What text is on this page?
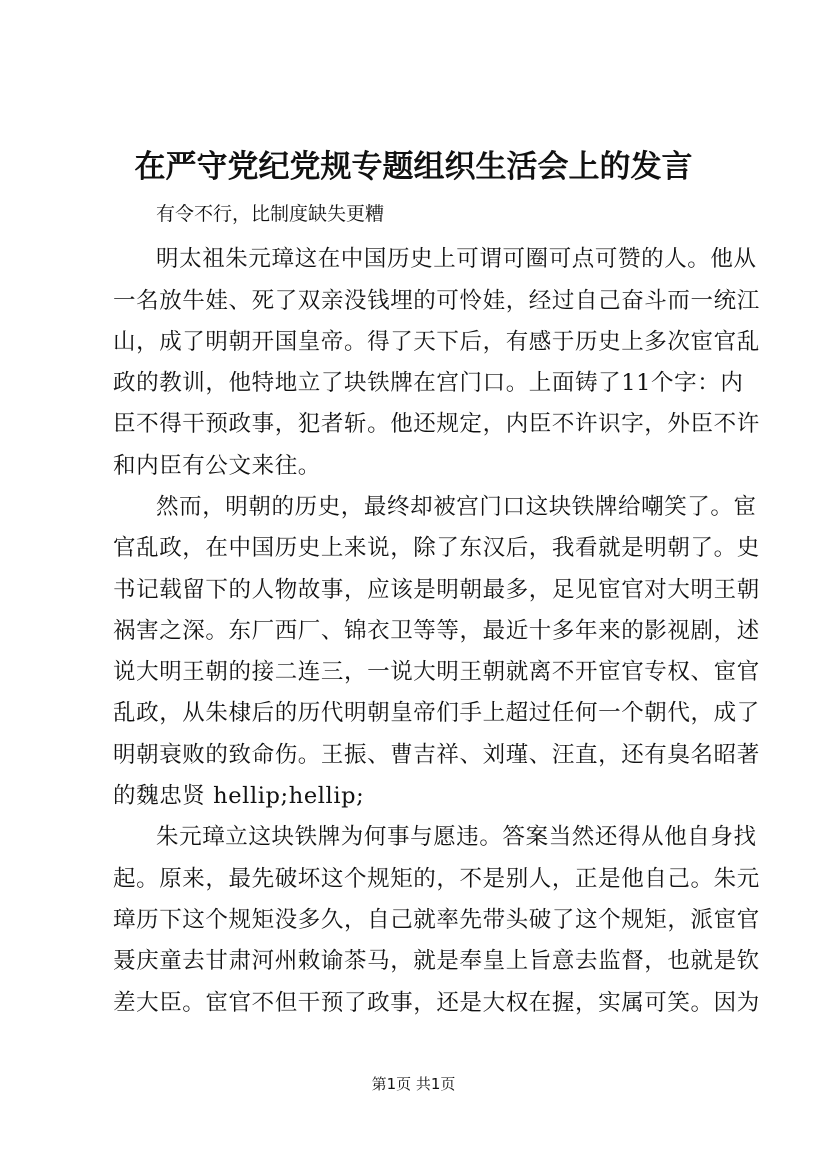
在严守党纪党规专题组织生活会上的发言
有令不行，比制度缺失更糟
明太祖朱元璋这在中国历史上可谓可圈可点可赞的人。他从
一名放牛娃、死了双亲没钱埋的可怜娃，经过自己奋斗而一统江
山，成了明朝开国皇帝。得了天下后，有感于历史上多次宦官乱
政的教训，他特地立了块铁牌在宫门口。上面铸了11个字：内
臣不得干预政事，犯者斩。他还规定，内臣不许识字，外臣不许
和内臣有公文来往。
然而，明朝的历史，最终却被宫门口这块铁牌给嘲笑了。宦
官乱政，在中国历史上来说，除了东汉后，我看就是明朝了。史
书记载留下的人物故事，应该是明朝最多，足见宦官对大明王朝
祸害之深。东厂西厂、锦衣卫等等，最近十多年来的影视剧，述
说大明王朝的接二连三，一说大明王朝就离不开宦官专权、宦官
乱政，从朱棣后的历代明朝皇帝们手上超过任何一个朝代，成了
明朝衰败的致命伤。王振、曹吉祥、刘瑾、汪直，还有臭名昭著
的魏忠贤 hellip;hellip;
朱元璋立这块铁牌为何事与愿违。答案当然还得从他自身找
起。原来，最先破坏这个规矩的，不是别人，正是他自己。朱元
璋历下这个规矩没多久，自己就率先带头破了这个规矩，派宦官
聂庆童去甘肃河州敕谕茶马，就是奉皇上旨意去监督，也就是钦
差大臣。宦官不但干预了政事，还是大权在握，实属可笑。因为
第1页 共1页
